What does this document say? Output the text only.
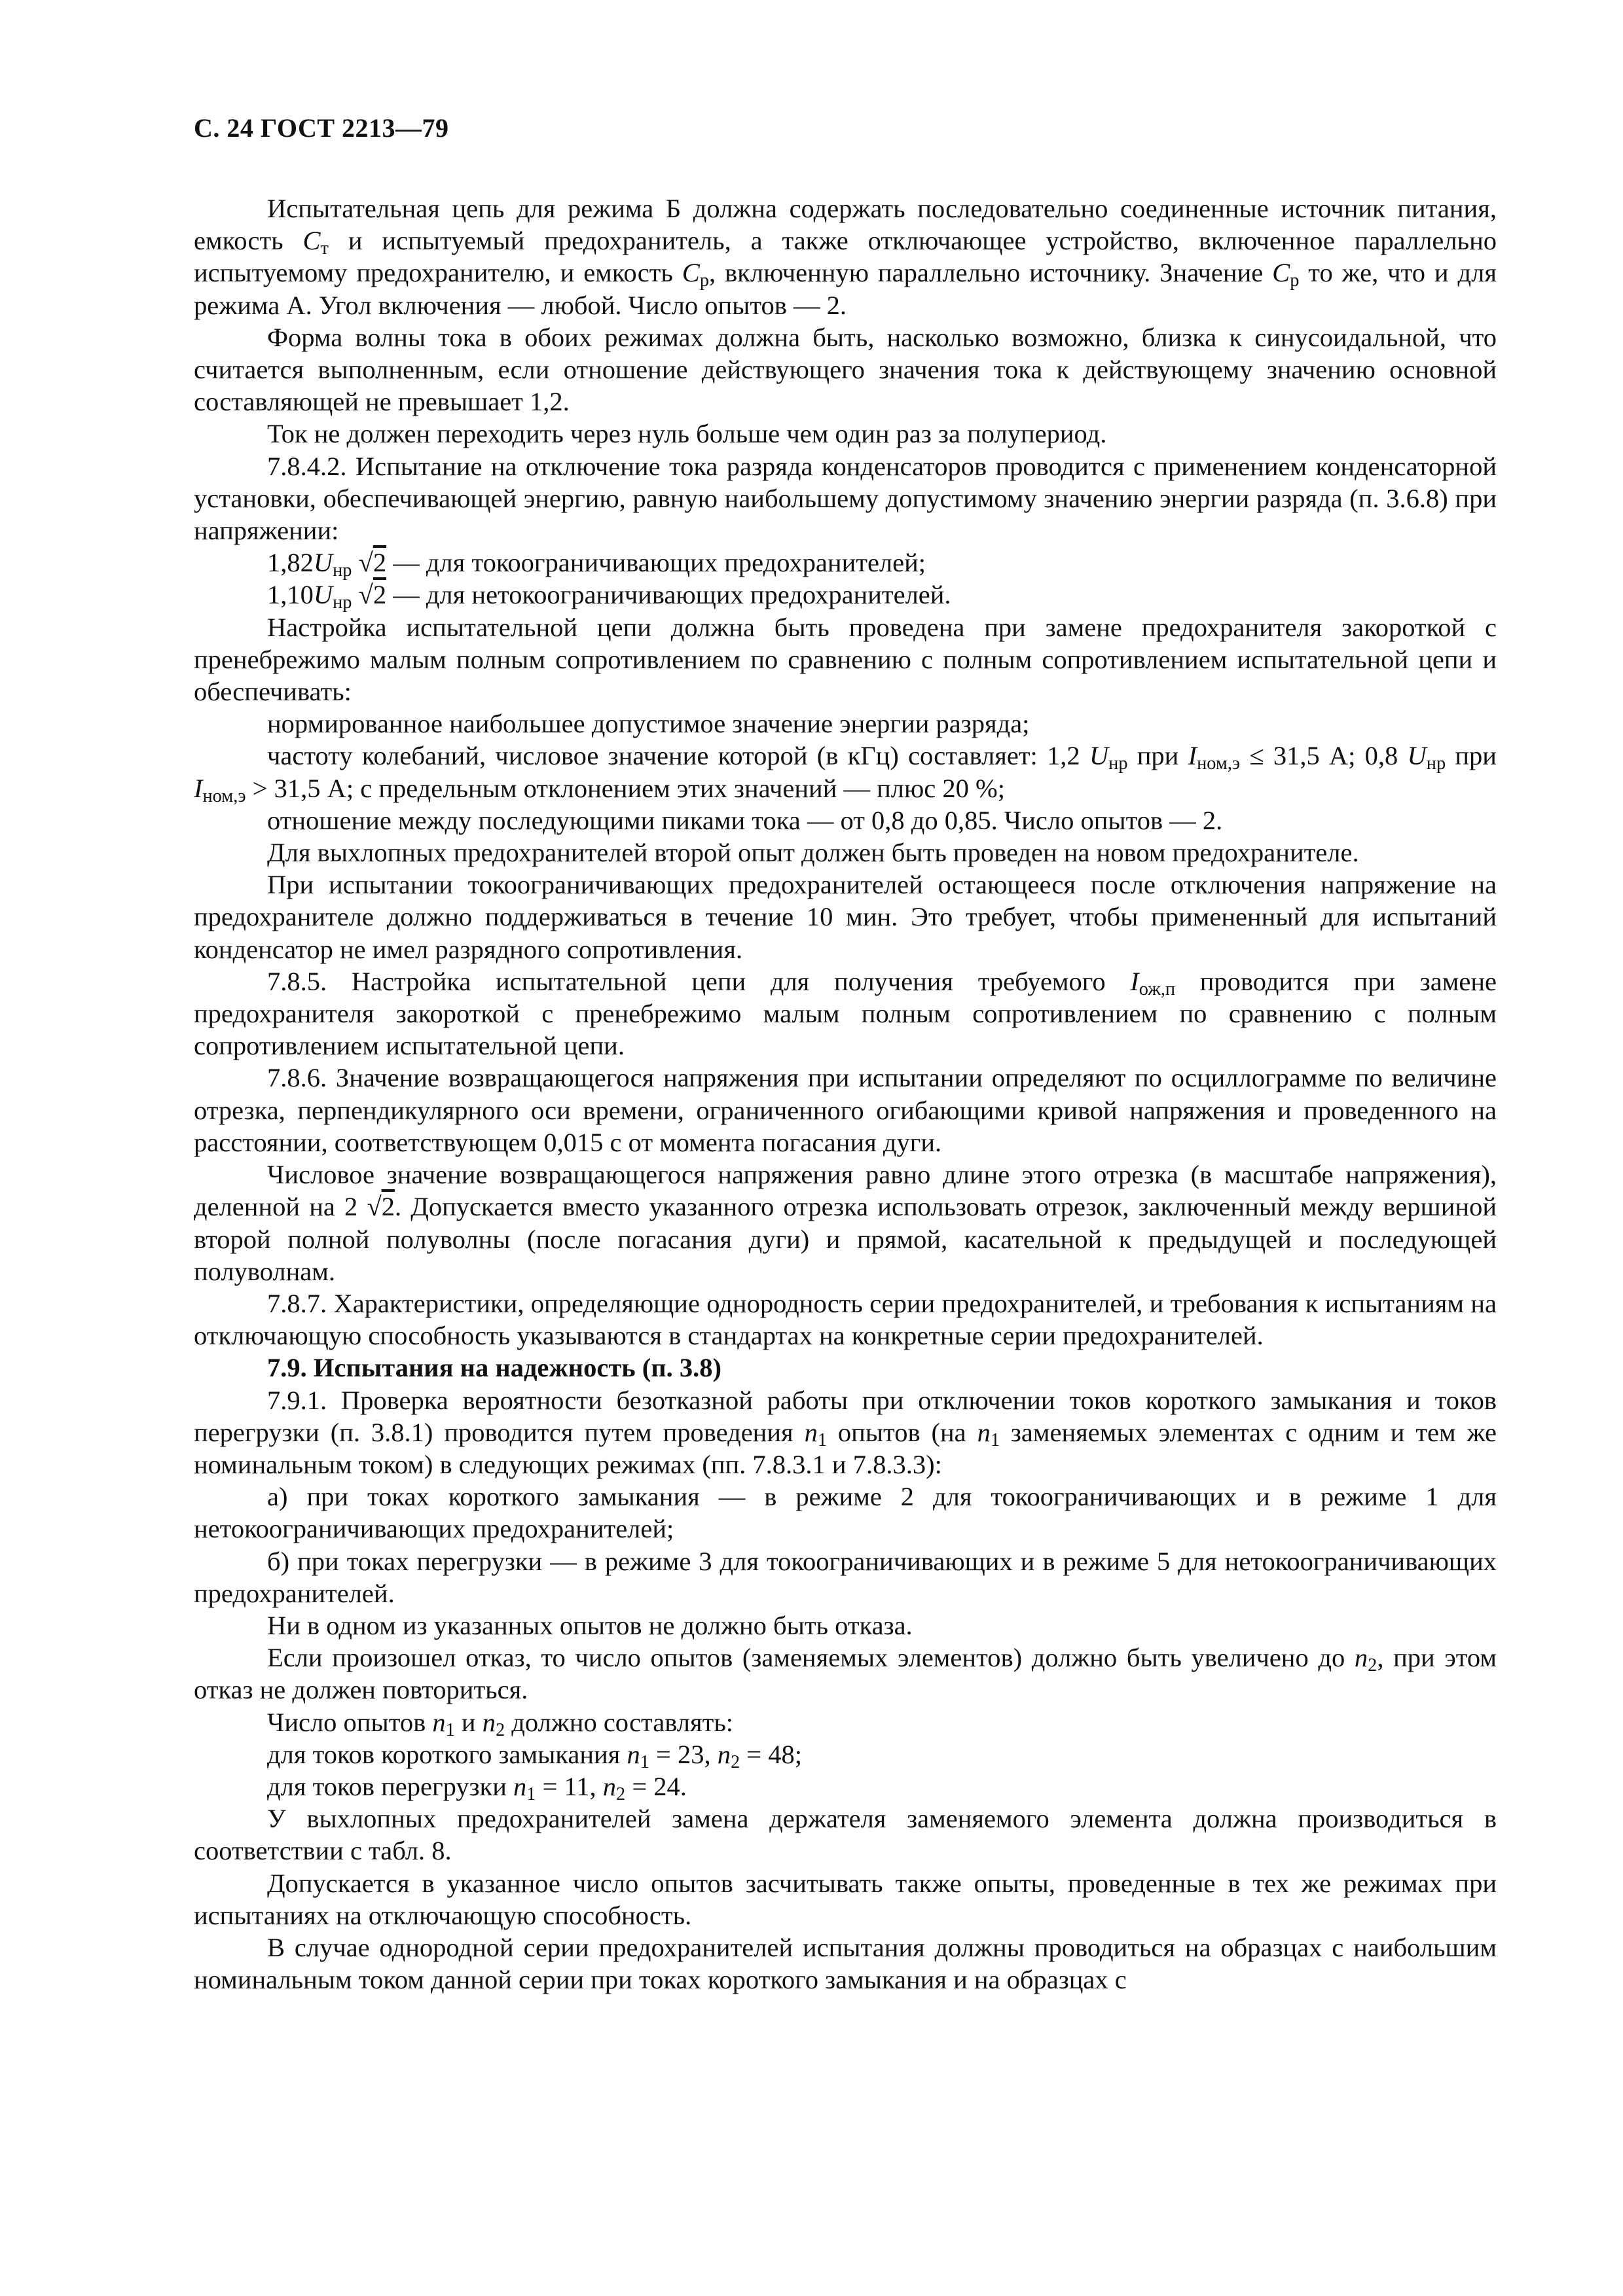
С. 24 ГОСТ 2213—79

Испытательная цепь для режима Б должна содержать последовательно соединенные источник питания, емкость $C_т$ и испытуемый предохранитель, а также отключающее устройство, включенное параллельно испытуемому предохранителю, и емкость $C_р$, включенную параллельно источнику. Значение $C_р$ то же, что и для режима А. Угол включения — любой. Число опытов — 2.

Форма волны тока в обоих режимах должна быть, насколько возможно, близка к синусоидальной, что считается выполненным, если отношение действующего значения тока к действующему значению основной составляющей не превышает 1,2.

Ток не должен переходить через нуль больше чем один раз за полупериод.

7.8.4.2. Испытание на отключение тока разряда конденсаторов проводится с применением конденсаторной установки, обеспечивающей энергию, равную наибольшему допустимому значению энергии разряда (п. 3.6.8) при напряжении:

$1,82U_{нр}$ √2 — для токоограничивающих предохранителей;

$1,10U_{нр}$ √2 — для нетокоограничивающих предохранителей.

Настройка испытательной цепи должна быть проведена при замене предохранителя закороткой с пренебрежимо малым полным сопротивлением по сравнению с полным сопротивлением испытательной цепи и обеспечивать:

нормированное наибольшее допустимое значение энергии разряда;

частоту колебаний, числовое значение которой (в кГц) составляет: 1,2 $U_{нр}$ при $I_{ном,э} \le 31,5$ А; 0,8 $U_{нр}$ при $I_{ном,э} > 31,5$ А; с предельным отклонением этих значений — плюс 20 %;

отношение между последующими пиками тока — от 0,8 до 0,85. Число опытов — 2.

Для выхлопных предохранителей второй опыт должен быть проведен на новом предохранителе.

При испытании токоограничивающих предохранителей остающееся после отключения напряжение на предохранителе должно поддерживаться в течение 10 мин. Это требует, чтобы примененный для испытаний конденсатор не имел разрядного сопротивления.

7.8.5. Настройка испытательной цепи для получения требуемого $I_{ож,п}$ проводится при замене предохранителя закороткой с пренебрежимо малым полным сопротивлением по сравнению с полным сопротивлением испытательной цепи.

7.8.6. Значение возвращающегося напряжения при испытании определяют по осциллограмме по величине отрезка, перпендикулярного оси времени, ограниченного огибающими кривой напряжения и проведенного на расстоянии, соответствующем 0,015 с от момента погасания дуги.

Числовое значение возвращающегося напряжения равно длине этого отрезка (в масштабе напряжения), деленной на 2 √2. Допускается вместо указанного отрезка использовать отрезок, заключенный между вершиной второй полной полуволны (после погасания дуги) и прямой, касательной к предыдущей и последующей полуволнам.

7.8.7. Характеристики, определяющие однородность серии предохранителей, и требования к испытаниям на отключающую способность указываются в стандартах на конкретные серии предохранителей.

7.9. Испытания на надежность (п. 3.8)

7.9.1. Проверка вероятности безотказной работы при отключении токов короткого замыкания и токов перегрузки (п. 3.8.1) проводится путем проведения $n_1$ опытов (на $n_1$ заменяемых элементах с одним и тем же номинальным током) в следующих режимах (пп. 7.8.3.1 и 7.8.3.3):

а) при токах короткого замыкания — в режиме 2 для токоограничивающих и в режиме 1 для нетокоограничивающих предохранителей;

б) при токах перегрузки — в режиме 3 для токоограничивающих и в режиме 5 для нетокоограничивающих предохранителей.

Ни в одном из указанных опытов не должно быть отказа.

Если произошел отказ, то число опытов (заменяемых элементов) должно быть увеличено до $n_2$, при этом отказ не должен повториться.

Число опытов $n_1$ и $n_2$ должно составлять:

для токов короткого замыкания $n_1 = 23$, $n_2 = 48$;

для токов перегрузки $n_1 = 11$, $n_2 = 24$.

У выхлопных предохранителей замена держателя заменяемого элемента должна производиться в соответствии с табл. 8.

Допускается в указанное число опытов засчитывать также опыты, проведенные в тех же режимах при испытаниях на отключающую способность.

В случае однородной серии предохранителей испытания должны проводиться на образцах с наибольшим номинальным током данной серии при токах короткого замыкания и на образцах с
